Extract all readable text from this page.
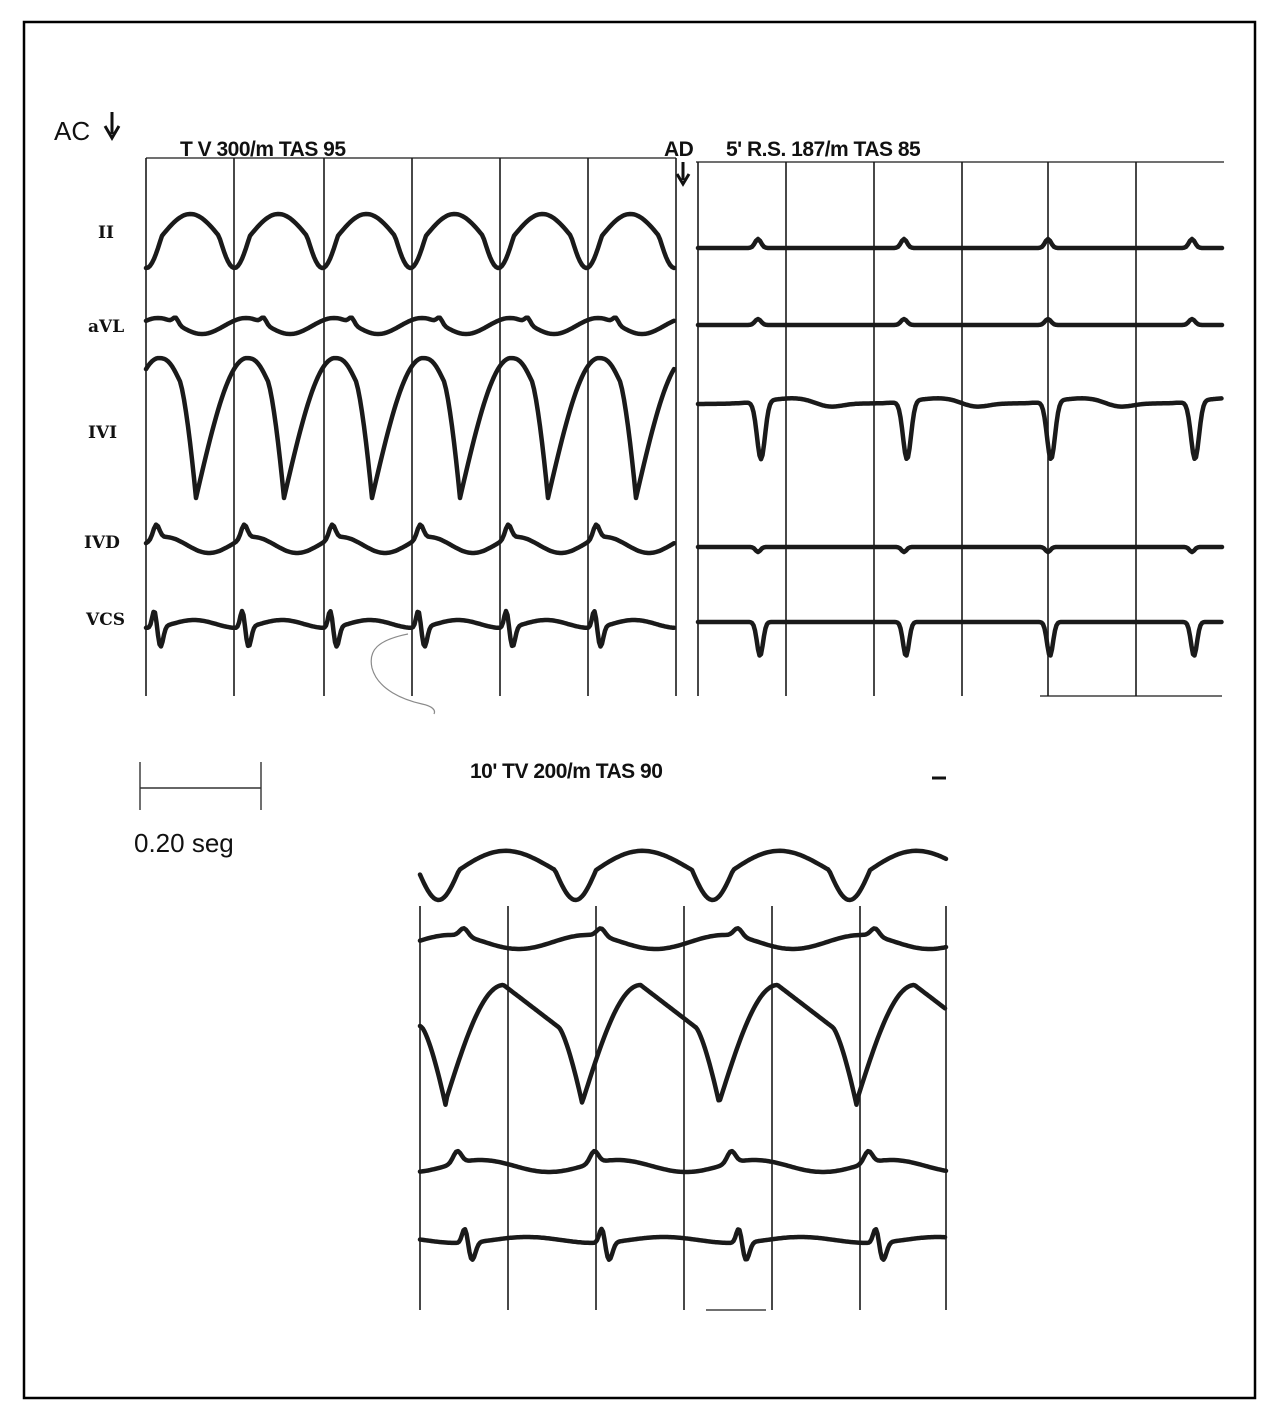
AC
T V 300/m TAS 95	AD 5' R.S. 187/m TAS 85
II
aVL
IVI
IVD
VCS
10' TV 200/m TAS 90
0.20 seg
